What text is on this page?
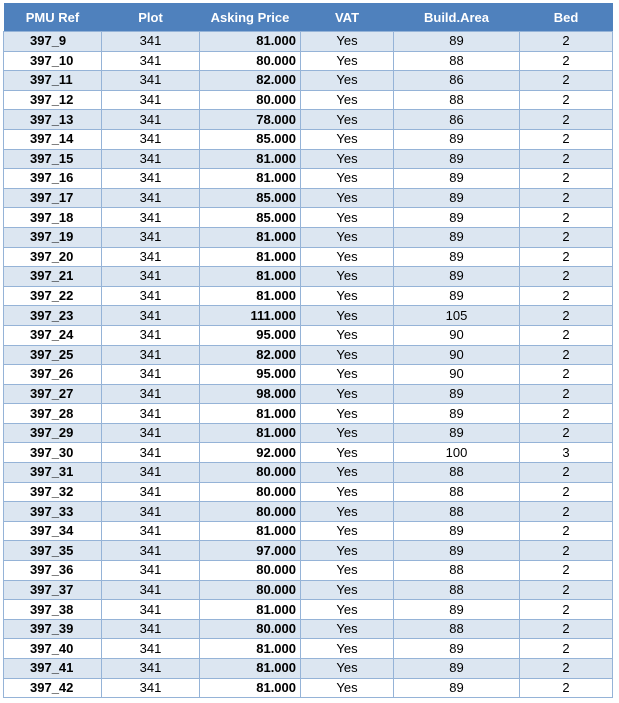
PMU Ref	Plot	Asking Price	VAT	Build.Area	Bed
397_9	341	81.000	Yes	89	2
397_10	341	80.000	Yes	88	2
397_11	341	82.000	Yes	86	2
397_12	341	80.000	Yes	88	2
397_13	341	78.000	Yes	86	2
397_14	341	85.000	Yes	89	2
397_15	341	81.000	Yes	89	2
397_16	341	81.000	Yes	89	2
397_17	341	85.000	Yes	89	2
397_18	341	85.000	Yes	89	2
397_19	341	81.000	Yes	89	2
397_20	341	81.000	Yes	89	2
397_21	341	81.000	Yes	89	2
397_22	341	81.000	Yes	89	2
397_23	341	111.000	Yes	105	2
397_24	341	95.000	Yes	90	2
397_25	341	82.000	Yes	90	2
397_26	341	95.000	Yes	90	2
397_27	341	98.000	Yes	89	2
397_28	341	81.000	Yes	89	2
397_29	341	81.000	Yes	89	2
397_30	341	92.000	Yes	100	3
397_31	341	80.000	Yes	88	2
397_32	341	80.000	Yes	88	2
397_33	341	80.000	Yes	88	2
397_34	341	81.000	Yes	89	2
397_35	341	97.000	Yes	89	2
397_36	341	80.000	Yes	88	2
397_37	341	80.000	Yes	88	2
397_38	341	81.000	Yes	89	2
397_39	341	80.000	Yes	88	2
397_40	341	81.000	Yes	89	2
397_41	341	81.000	Yes	89	2
397_42	341	81.000	Yes	89	2
